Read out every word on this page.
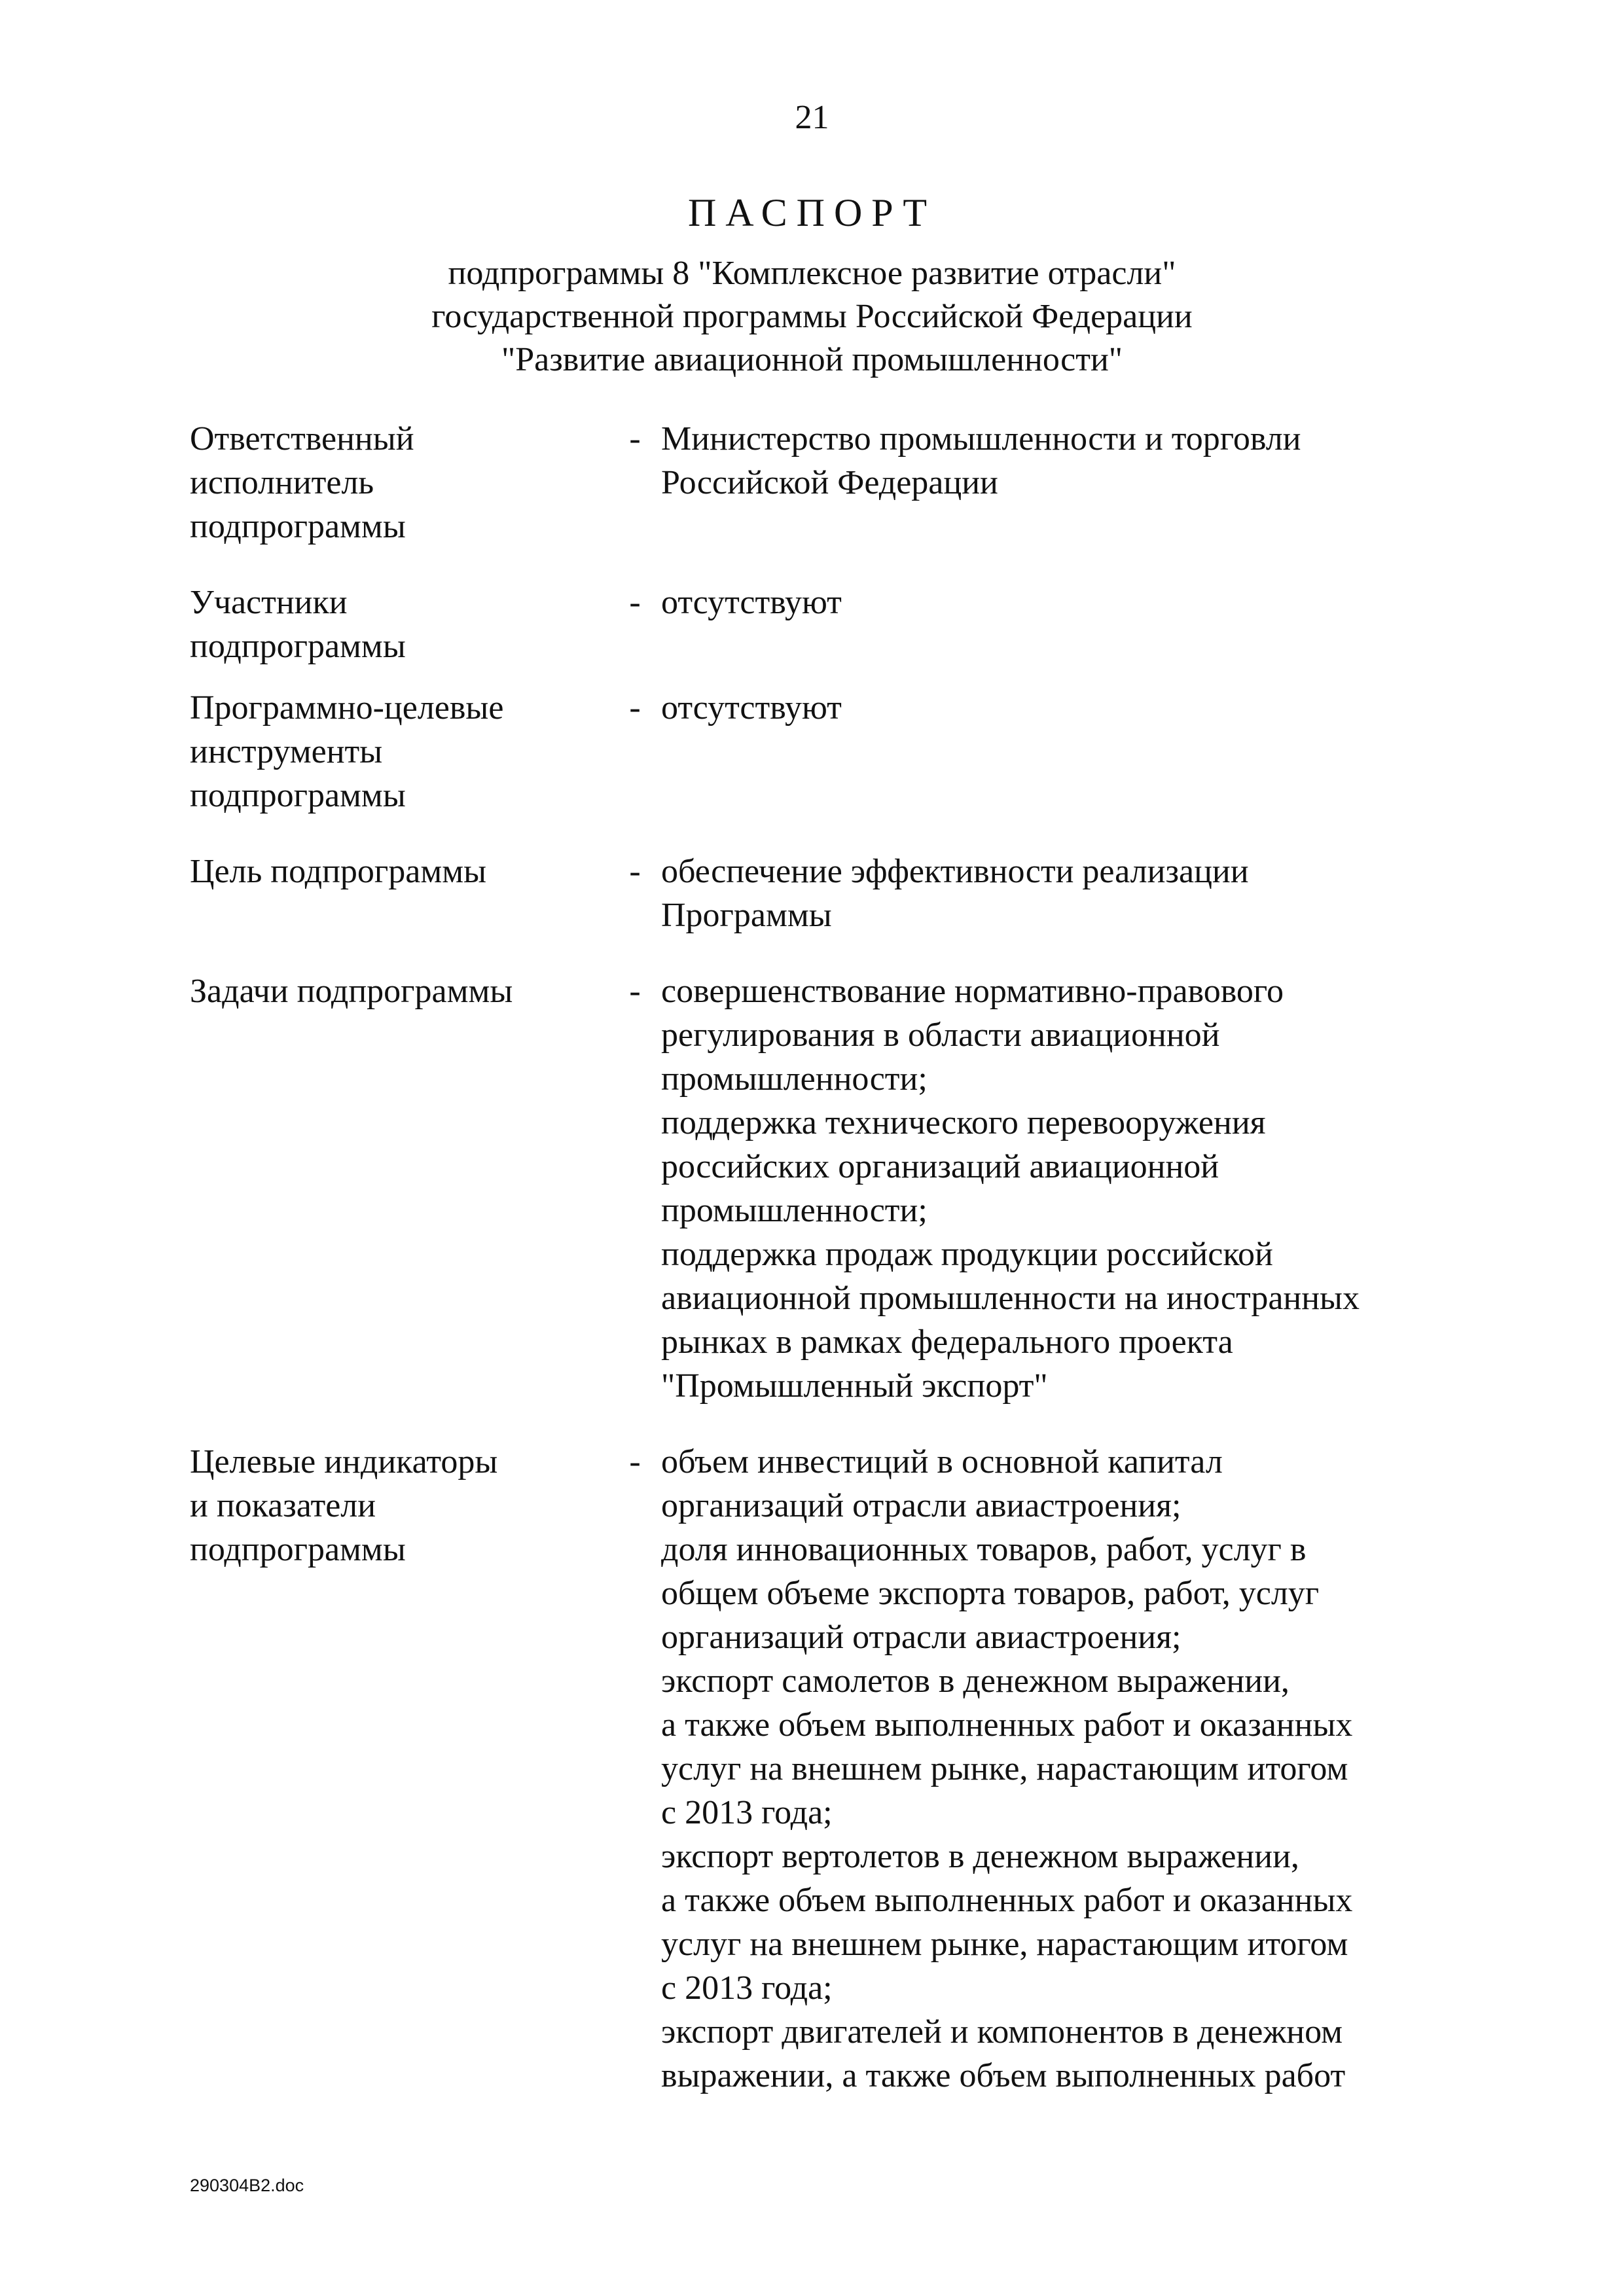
21
ПАСПОРТ
подпрограммы 8 "Комплексное развитие отрасли"
государственной программы Российской Федерации
"Развитие авиационной промышленности"
Ответственный
исполнитель
подпрограммы
- Министерство промышленности и торговли
Российской Федерации
Участники
подпрограммы
- отсутствуют
Программно-целевые
инструменты
подпрограммы
- отсутствуют
Цель подпрограммы	- обеспечение эффективности реализации
Программы
Задачи подпрограммы	- совершенствование нормативно-правового
регулирования в области авиационной
промышленности;
поддержка технического перевооружения
российских организаций авиационной
промышленности;
поддержка продаж продукции российской
авиационной промышленности на иностранных
рынках в рамках федерального проекта
"Промышленный экспорт"
Целевые индикаторы
и показатели
подпрограммы
- объем инвестиций в основной капитал
организаций отрасли авиастроения;
доля инновационных товаров, работ, услуг в
общем объеме экспорта товаров, работ, услуг
организаций отрасли авиастроения;
экспорт самолетов в денежном выражении,
а также объем выполненных работ и оказанных
услуг на внешнем рынке, нарастающим итогом
с 2013 года;
экспорт вертолетов в денежном выражении,
а также объем выполненных работ и оказанных
услуг на внешнем рынке, нарастающим итогом
с 2013 года;
экспорт двигателей и компонентов в денежном
выражении, а также объем выполненных работ
290304B2.doc
